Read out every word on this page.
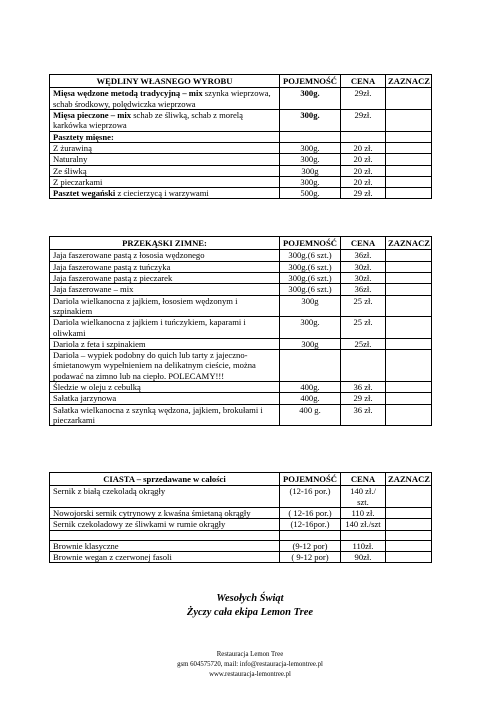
WĘDLINY WŁASNEGO WYROBU	POJEMNOŚĆ	CENA	ZAZNACZ
Mięsa wędzone metodą tradycyjną – mix szynka wieprzowa, schab środkowy, polędwiczka wieprzowa	300g.	29zł.	
Mięsa pieczone – mix schab ze śliwką, schab z morelą karkówka wieprzowa	300g.	29zł.	
Pasztety mięsne:			
Z żurawiną	300g.	20 zł.	
Naturalny	300g.	20 zł.	
Ze śliwką	300g	20 zł.	
Z pieczarkami	300g.	20 zł.	
Pasztet wegański z ciecierzycą i warzywami	500g.	29 zł.	
PRZEKĄSKI ZIMNE:	POJEMNOŚĆ	CENA	ZAZNACZ
Jaja faszerowane pastą z łososia wędzonego	300g.(6 szt.)	36zł.	
Jaja faszerowane pastą z tuńczyka	300g.(6 szt.)	30zł.	
Jaja faszerowane pastą z pieczarek	300g.(6 szt.)	30zł.	
Jaja faszerowane – mix	300g.(6 szt.)	36zł.	
Dariola wielkanocna z jajkiem, łososiem wędzonym i szpinakiem	300g	25 zł.	
Dariola wielkanocna z jajkiem i tuńczykiem, kaparami i oliwkami	300g.	25 zł.	
Dariola z feta i szpinakiem	300g	25zł.	
Dariola – wypiek podobny do quich lub tarty z jajeczno-śmietanowym wypełnieniem na delikatnym cieście, można podawać na zimno lub na ciepło. POLECAMY!!!			
Śledzie w oleju z cebulką	400g.	36 zł.	
Sałatka jarzynowa	400g.	29 zł.	
Sałatka wielkanocna z szynką wędzona, jajkiem, brokułami i pieczarkami	400 g.	36 zł.	
CIASTA – sprzedawane w całości	POJEMNOŚĆ	CENA	ZAZNACZ
Sernik z białą czekoladą okrągły	(12-16 por.)	140 zł./ szt.	
Nowojorski sernik cytrynowy z kwaśna śmietaną okrągły	( 12-16 por.)	110 zł.	
Sernik czekoladowy ze śliwkami w rumie okrągły	(12-16por.)	140 zł./szt	

Brownie klasyczne	(9-12 por)	110zł.	
Brownie wegan z czerwonej fasoli	( 9-12 por)	90zł.	
Wesołych Świąt
Życzy cała ekipa Lemon Tree
Restauracja Lemon Tree
gsm 604575720, mail: info@restauracja-lemontree.pl
www.restauracja-lemontree.pl
